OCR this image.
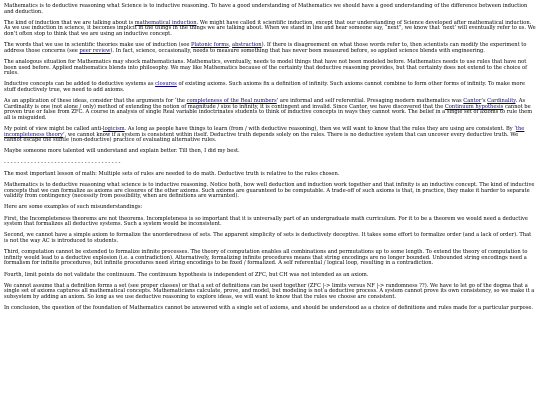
Mathematics is to deductive reasoning what Science is to inductive reasoning. To have a good understanding of Mathematics we should have a good understanding of the difference between induction and deduction.

The kind of induction that we are talking about is mathematical induction. We might have called it scientific induction, except that our understanding of Science developed after mathematical induction. As we use induction in science, it becomes implicit in the things in the things we are talking about. When we stand in line and hear someone say, “next”, we know that ‘next’ will eventually refer to us. We don’t often stop to think that we are using an inductive concept.

The words that we use in scientific theories make use of induction (see Platonic forms, abstraction). If there is disagreement on what those words refer to, then scientists can modify the experiment to address those concerns (see peer review). In fact, science, occasionally, needs to measure something that has never been measured before, so applied science blends with engineering.

The analogous situation for Mathematics may shock mathematicians. Mathematics, eventually, needs to model things that have not been modeled before. Mathematics needs to use rules that have not been used before. Applied mathematics blends into philosophy. We may like Mathematics because of the certainty that deductive reasoning provides, but that certainty does not extend to the choice of rules.

Inductive concepts can be added to deductive systems as closures of existing axioms. Such axioms fix a definition of infinity. Such axioms cannot combine to form other forms of infinity. To make more stuff deductively true, we need to add axioms.

As an application of these ideas, consider that the arguments for ‘the completeness of the Real numbers’ are informal and self referential. Presaging modern mathematics was Cantor’s Cardinality. As Cardinality is one (not alone / only) method of extending the notion of magnitude / size to infinity, it is contingent and invalid. Since Cantor, we have discovered that the Continuum hypothesis cannot be proven true or false from ZFC. A course in analysis of single Real variable indoctrinates students to think of inductive concepts in ways they cannot work. The belief in a single set of axioms to rule them all is misguided.

My point of view might be called anti-logicism. As long as people have things to learn (from / with deductive reasoning), then we will want to know that the rules they are using are consistent. By ‘the incompleteness theory’, we cannot know if a system is consistent within itself. Deductive truth depends solely on the rules. There is no deductive system that can uncover every deductive truth. We cannot escape the subtle (non-deductive) practice of evaluating alternative rules.

Maybe someone more talented will understand and explain better. Till then, I did my best.

- - - - - - - - - - - - - - - - - - - - - - - - - - - - - - - - - - -

The most important lesson of math: Multiple sets of rules are needed to do math. Deductive truth is relative to the rules chosen.

Mathematics is to deductive reasoning what science is to inductive reasoning. Notice both, how well deduction and induction work together and that infinity is an inductive concept. The kind of inductive concepts that we can formalize as axioms are closures of the other axioms. Such axioms are guaranteed to be computable. A trade-off of such axioms is that, in practice, they make it harder to separate validity from contingency (necessity from possibility, when are definitions are warranted).

Here are some examples of such misunderstandings:

First, the Incompleteness theorems are not theorems. Incompleteness is so important that it is universally part of an undergraduate math curriculum. For it to be a theorem we would need a deductive system that formalizes all deductive systems. Such a system would be inconsistent.

Second, we cannot have a simple axiom to formalize the unorderedness of sets. The apparent simplicity of sets is deductively deceptive. It takes some effort to formalize order (and a lack of order). That is not the way AC is introduced to students.

Third, computation cannot be extended to formalize infinite processes. The theory of computation enables all combinations and permutations up to some length. To extend the theory of computation to infinity would lead to a deductive explosion (i.e. a contradiction). Alternatively, formalizing infinite procedures means that string encodings are no longer bounded. Unbounded string encodings need a formalism for infinite procedures, but infinite procedures need string encodings to be fixed / formalized. A self referential / logical loop, resulting in a contradiction.

Fourth, limit points do not validate the continuum. The continuum hypothesis is independent of ZFC, but CH was not intended as an axiom.

We cannot assume that a definition forms a set (see proper classes) or that a set of definitions can be used together (ZFC |-> limits versus NF |-> randomness ??). We have to let go of the dogma that a single set of axioms captures all mathematical concepts. Mathematicians calculate, prove, and model, but modeling is not a deductive process. A system cannot prove its own consistency, so we make it a subsystem by adding an axiom. So long as we use deductive reasoning to explore ideas, we will want to know that the rules we choose are consistent.

In conclusion, the question of the foundation of Mathematics cannot be answered with a single set of axioms, and should be understood as a choice of definitions and rules made for a particular purpose.
